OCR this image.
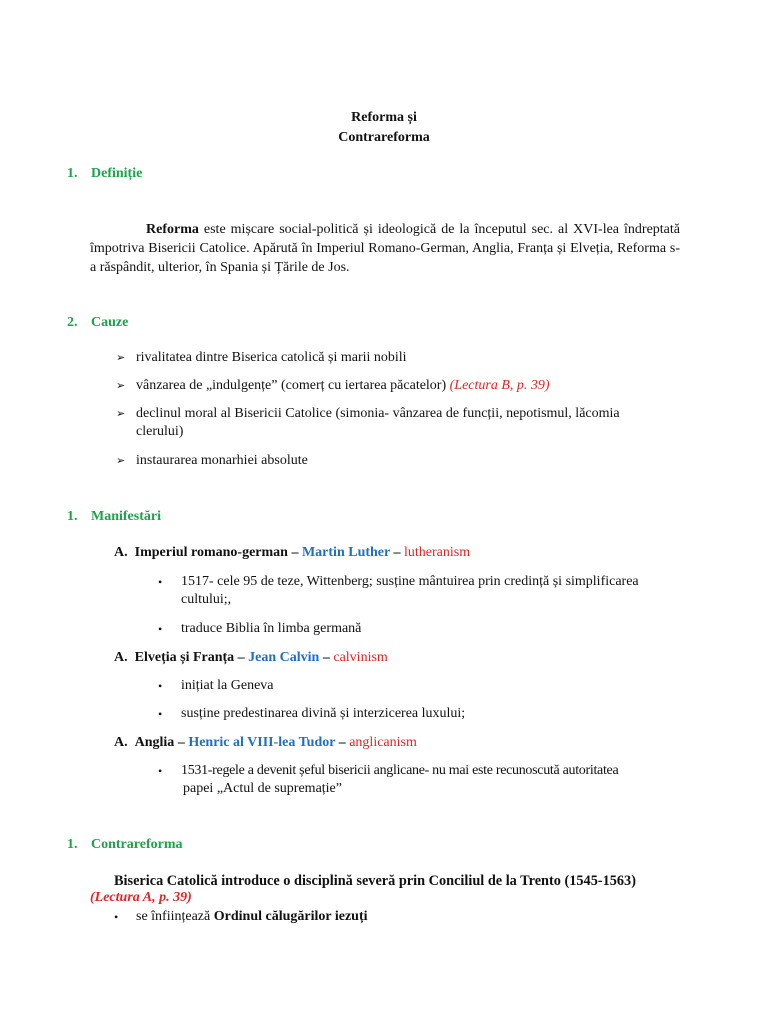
Reforma și
Contrareforma
1. Definiție
Reforma este mișcare social-politică și ideologică de la începutul sec. al XVI-lea îndreptată împotriva Bisericii Catolice. Apărută în Imperiul Romano-German, Anglia, Franța și Elveția, Reforma s-a răspândit, ulterior, în Spania și Țările de Jos.
2. Cauze
➢ rivalitatea dintre Biserica catolică și marii nobili
➢ vânzarea de „indulgențe” (comerț cu iertarea păcatelor) (Lectura B, p. 39)
➢ declinul moral al Bisericii Catolice (simonia- vânzarea de funcții, nepotismul, lăcomia
clerului)
➢ instaurarea monarhiei absolute
1. Manifestări
A. Imperiul romano-german – Martin Luther – lutheranism
• 1517- cele 95 de teze, Wittenberg; susține mântuirea prin credință și simplificarea
cultului;,
• traduce Biblia în limba germană
A. Elveția și Franța – Jean Calvin – calvinism
• inițiat la Geneva
• susține predestinarea divină și interzicerea luxului;
A. Anglia – Henric al VIII-lea Tudor – anglicanism
• 1531-regele a devenit șeful bisericii anglicane- nu mai este recunoscută autoritatea
papei „Actul de supremație”
1. Contrareforma
Biserica Catolică introduce o disciplină severă prin Conciliul de la Trento (1545-1563)
(Lectura A, p. 39)
• se înființează Ordinul călugărilor iezuți
